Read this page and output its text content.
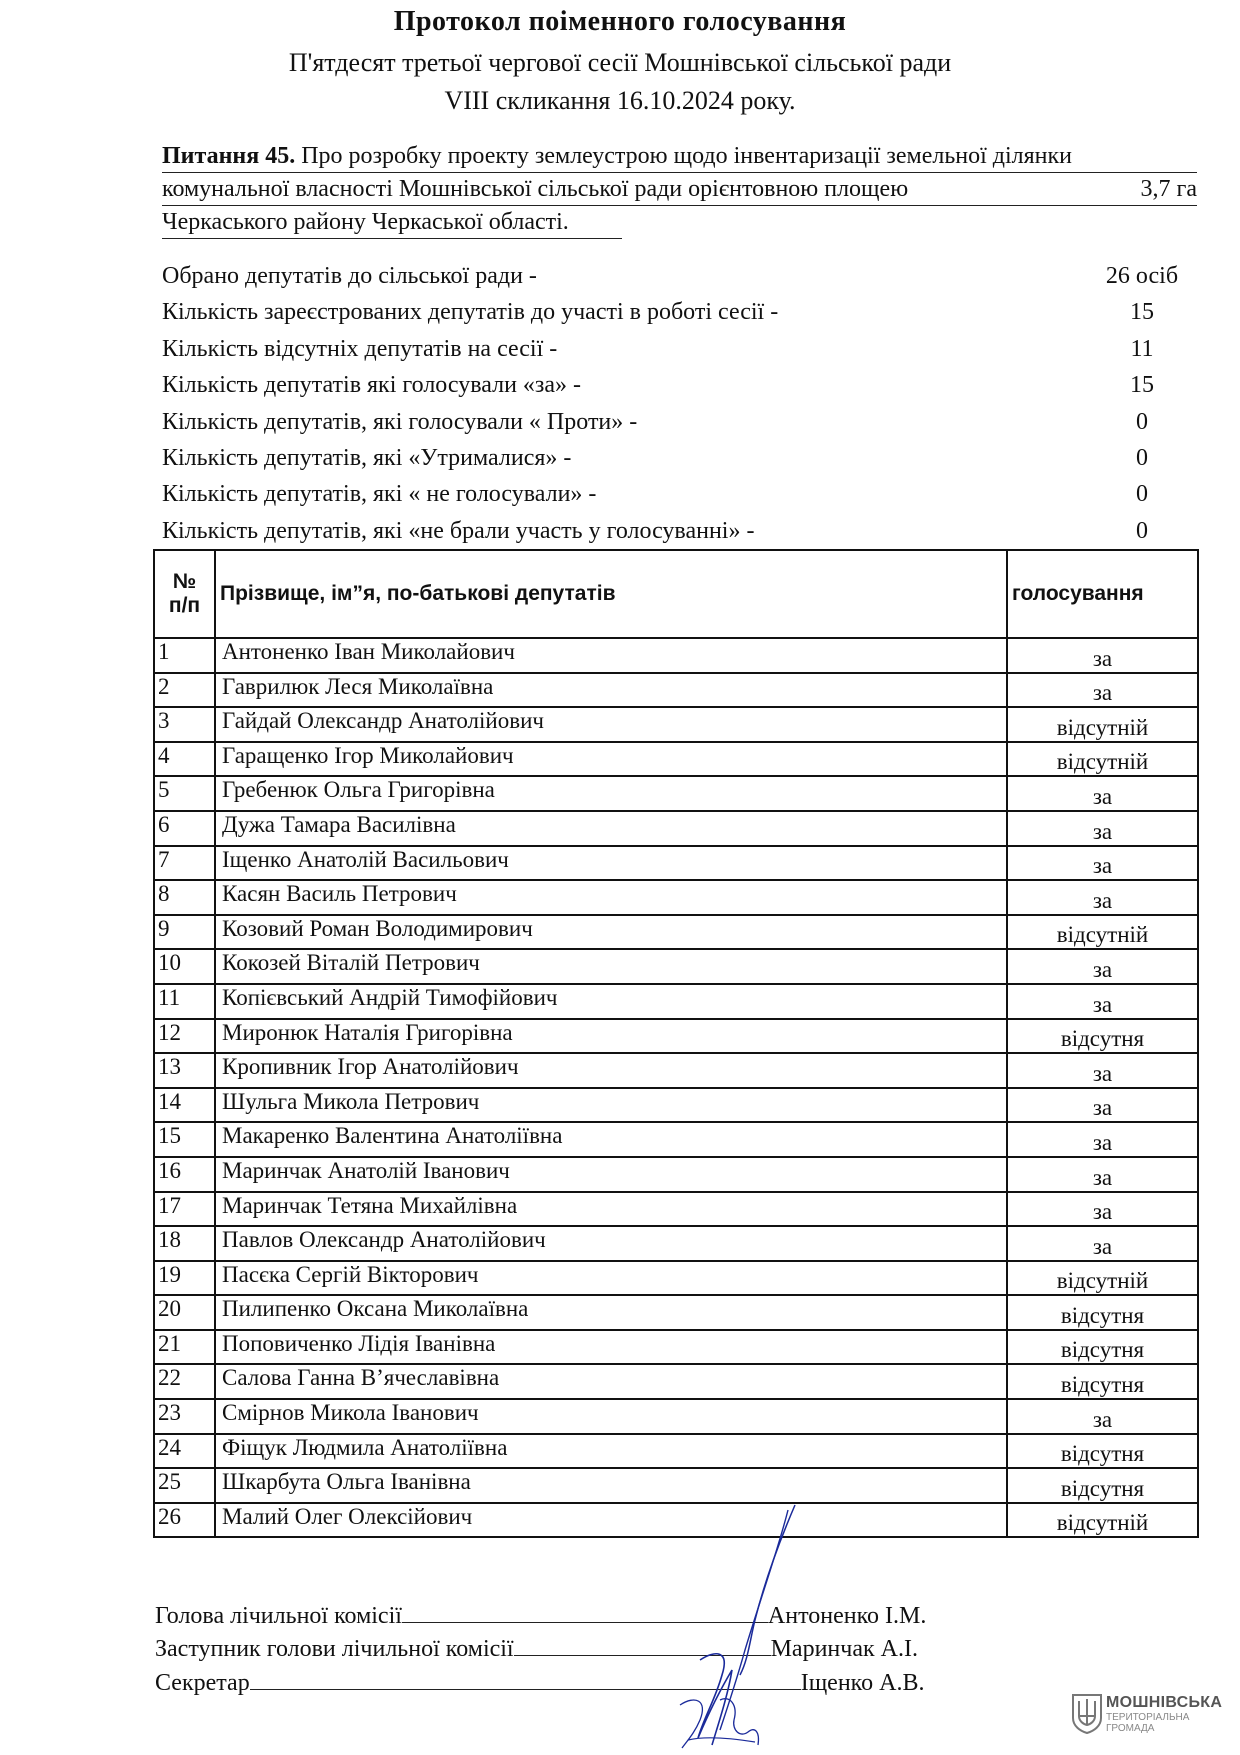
Протокол поіменного голосування
П'ятдесят третьої чергової сесії Мошнівської сільської ради
VIII скликання 16.10.2024 року.
Питання 45. Про розробку проекту землеустрою щодо інвентаризації земельної ділянки
комунальної власності Мошнівської сільської ради орієнтовною площею	3,7 га
Черкаського району Черкаської області.
Обрано депутатів до сільської ради -	26 осіб
Кількість зареєстрованих депутатів до участі в роботі сесії -	15
Кількість відсутніх депутатів на сесії -	11
Кількість депутатів які голосували «за» -	15
Кількість депутатів, які голосували « Проти» -	0
Кількість депутатів, які «Утрималися» -	0
Кількість депутатів, які « не голосували» -	0
Кількість депутатів, які «не брали участь у голосуванні» -	0
№
п/п	Прізвище, ім”я, по-батькові депутатів	голосування
1	Антоненко Іван Миколайович	за
2	Гаврилюк Леся Миколаївна	за
3	Гайдай Олександр Анатолійович	відсутній
4	Гаращенко Ігор Миколайович	відсутній
5	Гребенюк Ольга Григорівна	за
6	Дужа Тамара Василівна	за
7	Іщенко Анатолій Васильович	за
8	Касян Василь Петрович	за
9	Козовий Роман Володимирович	відсутній
10	Кокозей Віталій Петрович	за
11	Копієвський Андрій Тимофійович	за
12	Миронюк Наталія Григорівна	відсутня
13	Кропивник Ігор Анатолійович	за
14	Шульга Микола Петрович	за
15	Макаренко Валентина Анатоліївна	за
16	Маринчак Анатолій Іванович	за
17	Маринчак Тетяна Михайлівна	за
18	Павлов Олександр Анатолійович	за
19	Пасєка Сергій Вікторович	відсутній
20	Пилипенко Оксана Миколаївна	відсутня
21	Поповиченко Лідія Іванівна	відсутня
22	Салова Ганна В’ячеславівна	відсутня
23	Смірнов Микола Іванович	за
24	Фіщук Людмила Анатоліївна	відсутня
25	Шкарбута Ольга Іванівна	відсутня
26	Малий Олег Олексійович	відсутній
Голова лічильної комісії	Антоненко І.М.
Заступник голови лічильної комісії	Маринчак А.І.
Секретар	Іщенко А.В.
МОШНІВСЬКА
ТЕРИТОРІАЛЬНА
ГРОМАДА
